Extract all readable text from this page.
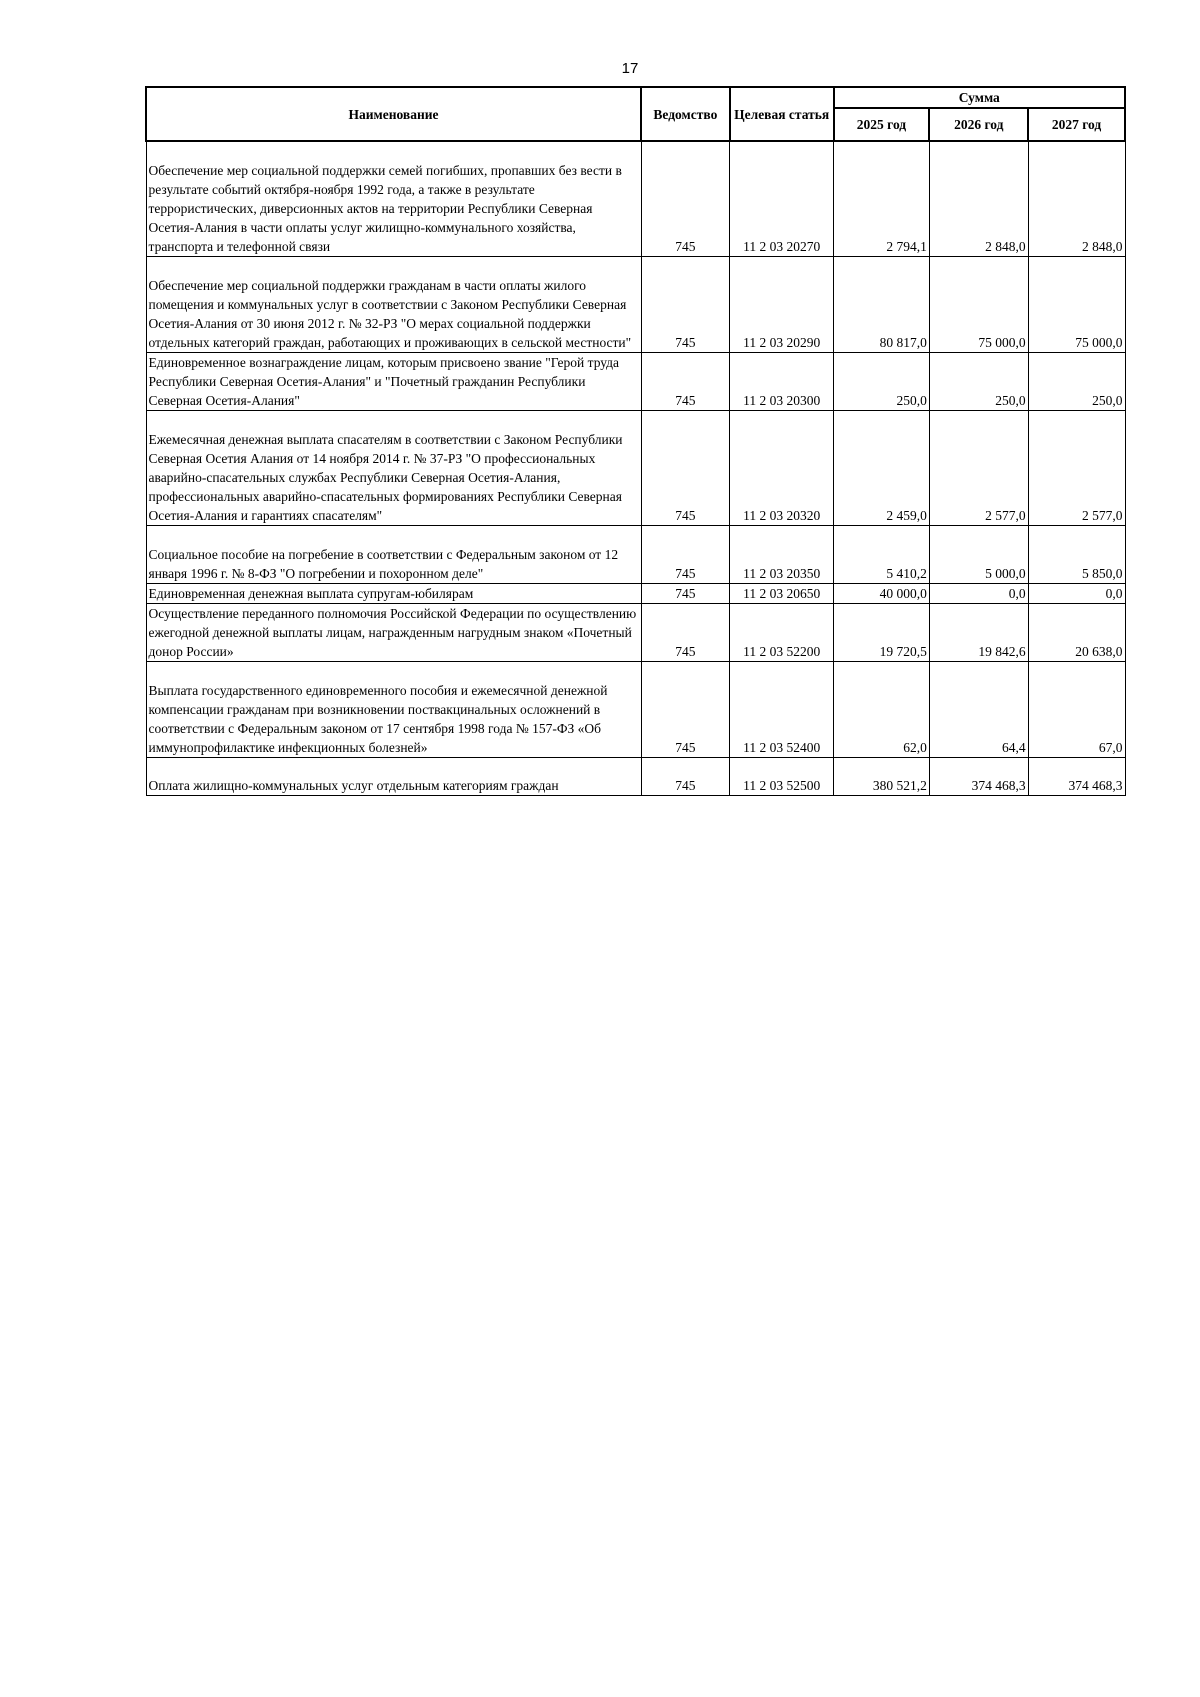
17
Наименование	Ведомство	Целевая статья	Сумма		
			2025 год	2026 год	2027 год
Обеспечение мер социальной поддержки семей погибших, пропавших без вести в результате событий октября-ноября 1992 года, а также в результате террористических, диверсионных актов на территории Республики Северная Осетия-Алания в части оплаты услуг жилищно-коммунального хозяйства, транспорта и телефонной связи	745	11 2 03 20270	2 794,1	2 848,0	2 848,0
Обеспечение мер социальной поддержки гражданам в части оплаты жилого помещения и коммунальных услуг в соответствии с Законом Республики Северная Осетия-Алания от 30 июня 2012 г. № 32-РЗ "О мерах социальной поддержки отдельных категорий граждан, работающих и проживающих в сельской местности"	745	11 2 03 20290	80 817,0	75 000,0	75 000,0
Единовременное вознаграждение лицам, которым присвоено звание "Герой труда Республики Северная Осетия-Алания" и "Почетный гражданин Республики Северная Осетия-Алания"	745	11 2 03 20300	250,0	250,0	250,0
Ежемесячная денежная выплата спасателям в соответствии с Законом Республики Северная Осетия Алания от 14 ноября 2014 г. № 37-РЗ "О профессиональных аварийно-спасательных службах Республики Северная Осетия-Алания, профессиональных аварийно-спасательных формированиях Республики Северная Осетия-Алания и гарантиях спасателям"	745	11 2 03 20320	2 459,0	2 577,0	2 577,0
Социальное пособие на погребение в соответствии с Федеральным законом от 12 января 1996 г. № 8-ФЗ "О погребении и похоронном деле"	745	11 2 03 20350	5 410,2	5 000,0	5 850,0
Единовременная денежная выплата супругам-юбилярам	745	11 2 03 20650	40 000,0	0,0	0,0
Осуществление переданного полномочия Российской Федерации по осуществлению ежегодной денежной выплаты лицам, награжденным нагрудным знаком «Почетный донор России»	745	11 2 03 52200	19 720,5	19 842,6	20 638,0
Выплата государственного единовременного пособия и ежемесячной денежной компенсации гражданам при возникновении поствакцинальных осложнений в соответствии с Федеральным законом от 17 сентября 1998 года № 157-ФЗ «Об иммунопрофилактике инфекционных болезней»	745	11 2 03 52400	62,0	64,4	67,0
Оплата жилищно-коммунальных услуг отдельным категориям граждан	745	11 2 03 52500	380 521,2	374 468,3	374 468,3
